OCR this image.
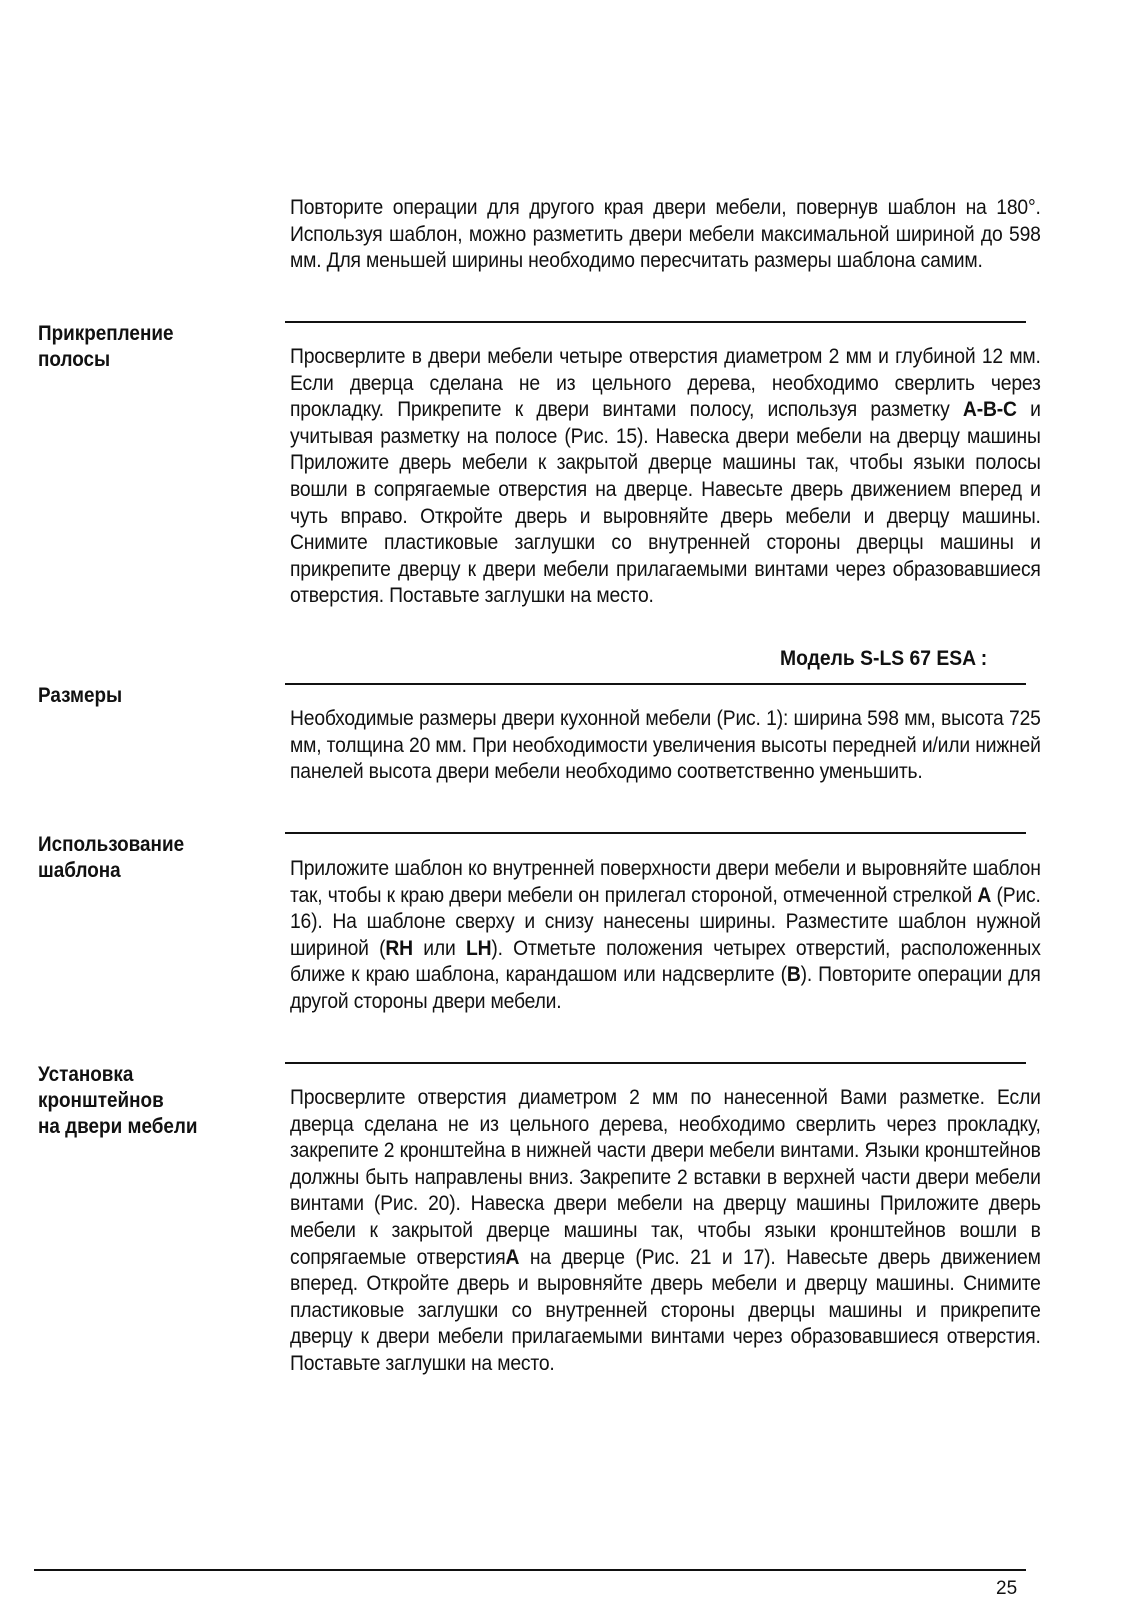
Повторите операции для другого края двери мебели, повернув шаблон на 180°. Используя шаблон, можно разметить двери мебели максимальной шириной до 598 мм. Для меньшей ширины необходимо пересчитать размеры шаблона самим.

Прикрепление
полосы	Просверлите в двери мебели четыре отверстия диаметром 2 мм и глубиной 12 мм. Если дверца сделана не из цельного дерева, необходимо сверлить через прокладку. Прикрепите к двери винтами полосу, используя разметку A-B-C и учитывая разметку на полосе (Рис. 15). Навеска двери мебели на дверцу машины Приложите дверь мебели к закрытой дверце машины так, чтобы языки полосы вошли в сопрягаемые отверстия на дверце. Навесьте дверь движением вперед и чуть вправо. Откройте дверь и выровняйте дверь мебели и дверцу машины. Снимите пластиковые заглушки со внутренней стороны дверцы машины и прикрепите дверцу к двери мебели прилагаемыми винтами через образовавшиеся отверстия. Поставьте заглушки на место.

Модель S-LS 67 ESA :
Размеры

Необходимые размеры двери кухонной мебели (Рис. 1): ширина 598 мм, высота 725 мм, толщина 20 мм. При необходимости увеличения высоты передней и/или нижней панелей высота двери мебели необходимо соответственно уменьшить.

Использование
шаблона	Приложите шаблон ко внутренней поверхности двери мебели и выровняйте шаблон так, чтобы к краю двери мебели он прилегал стороной, отмеченной стрелкой A (Рис. 16). На шаблоне сверху и снизу нанесены ширины. Разместите шаблон нужной шириной (RH или LH). Отметьте положения четырех отверстий, расположенных ближе к краю шаблона, карандашом или надсверлите (B). Повторите операции для другой стороны двери мебели.

Установка
кронштейнов
на двери мебели

Просверлите отверстия диаметром 2 мм по нанесенной Вами разметке. Если дверца сделана не из цельного дерева, необходимо сверлить через прокладку, закрепите 2 кронштейна в нижней части двери мебели винтами. Языки кронштейнов должны быть направлены вниз. Закрепите 2 вставки в верхней части двери мебели винтами (Рис. 20). Навеска двери мебели на дверцу машины Приложите дверь мебели к закрытой дверце машины так, чтобы языки кронштейнов вошли в сопрягаемые отверстияA на дверце (Рис. 21 и 17). Навесьте дверь движением вперед. Откройте дверь и выровняйте дверь мебели и дверцу машины. Снимите пластиковые заглушки со внутренней стороны дверцы машины и прикрепите дверцу к двери мебели прилагаемыми винтами через образовавшиеся отверстия. Поставьте заглушки на место.

25
